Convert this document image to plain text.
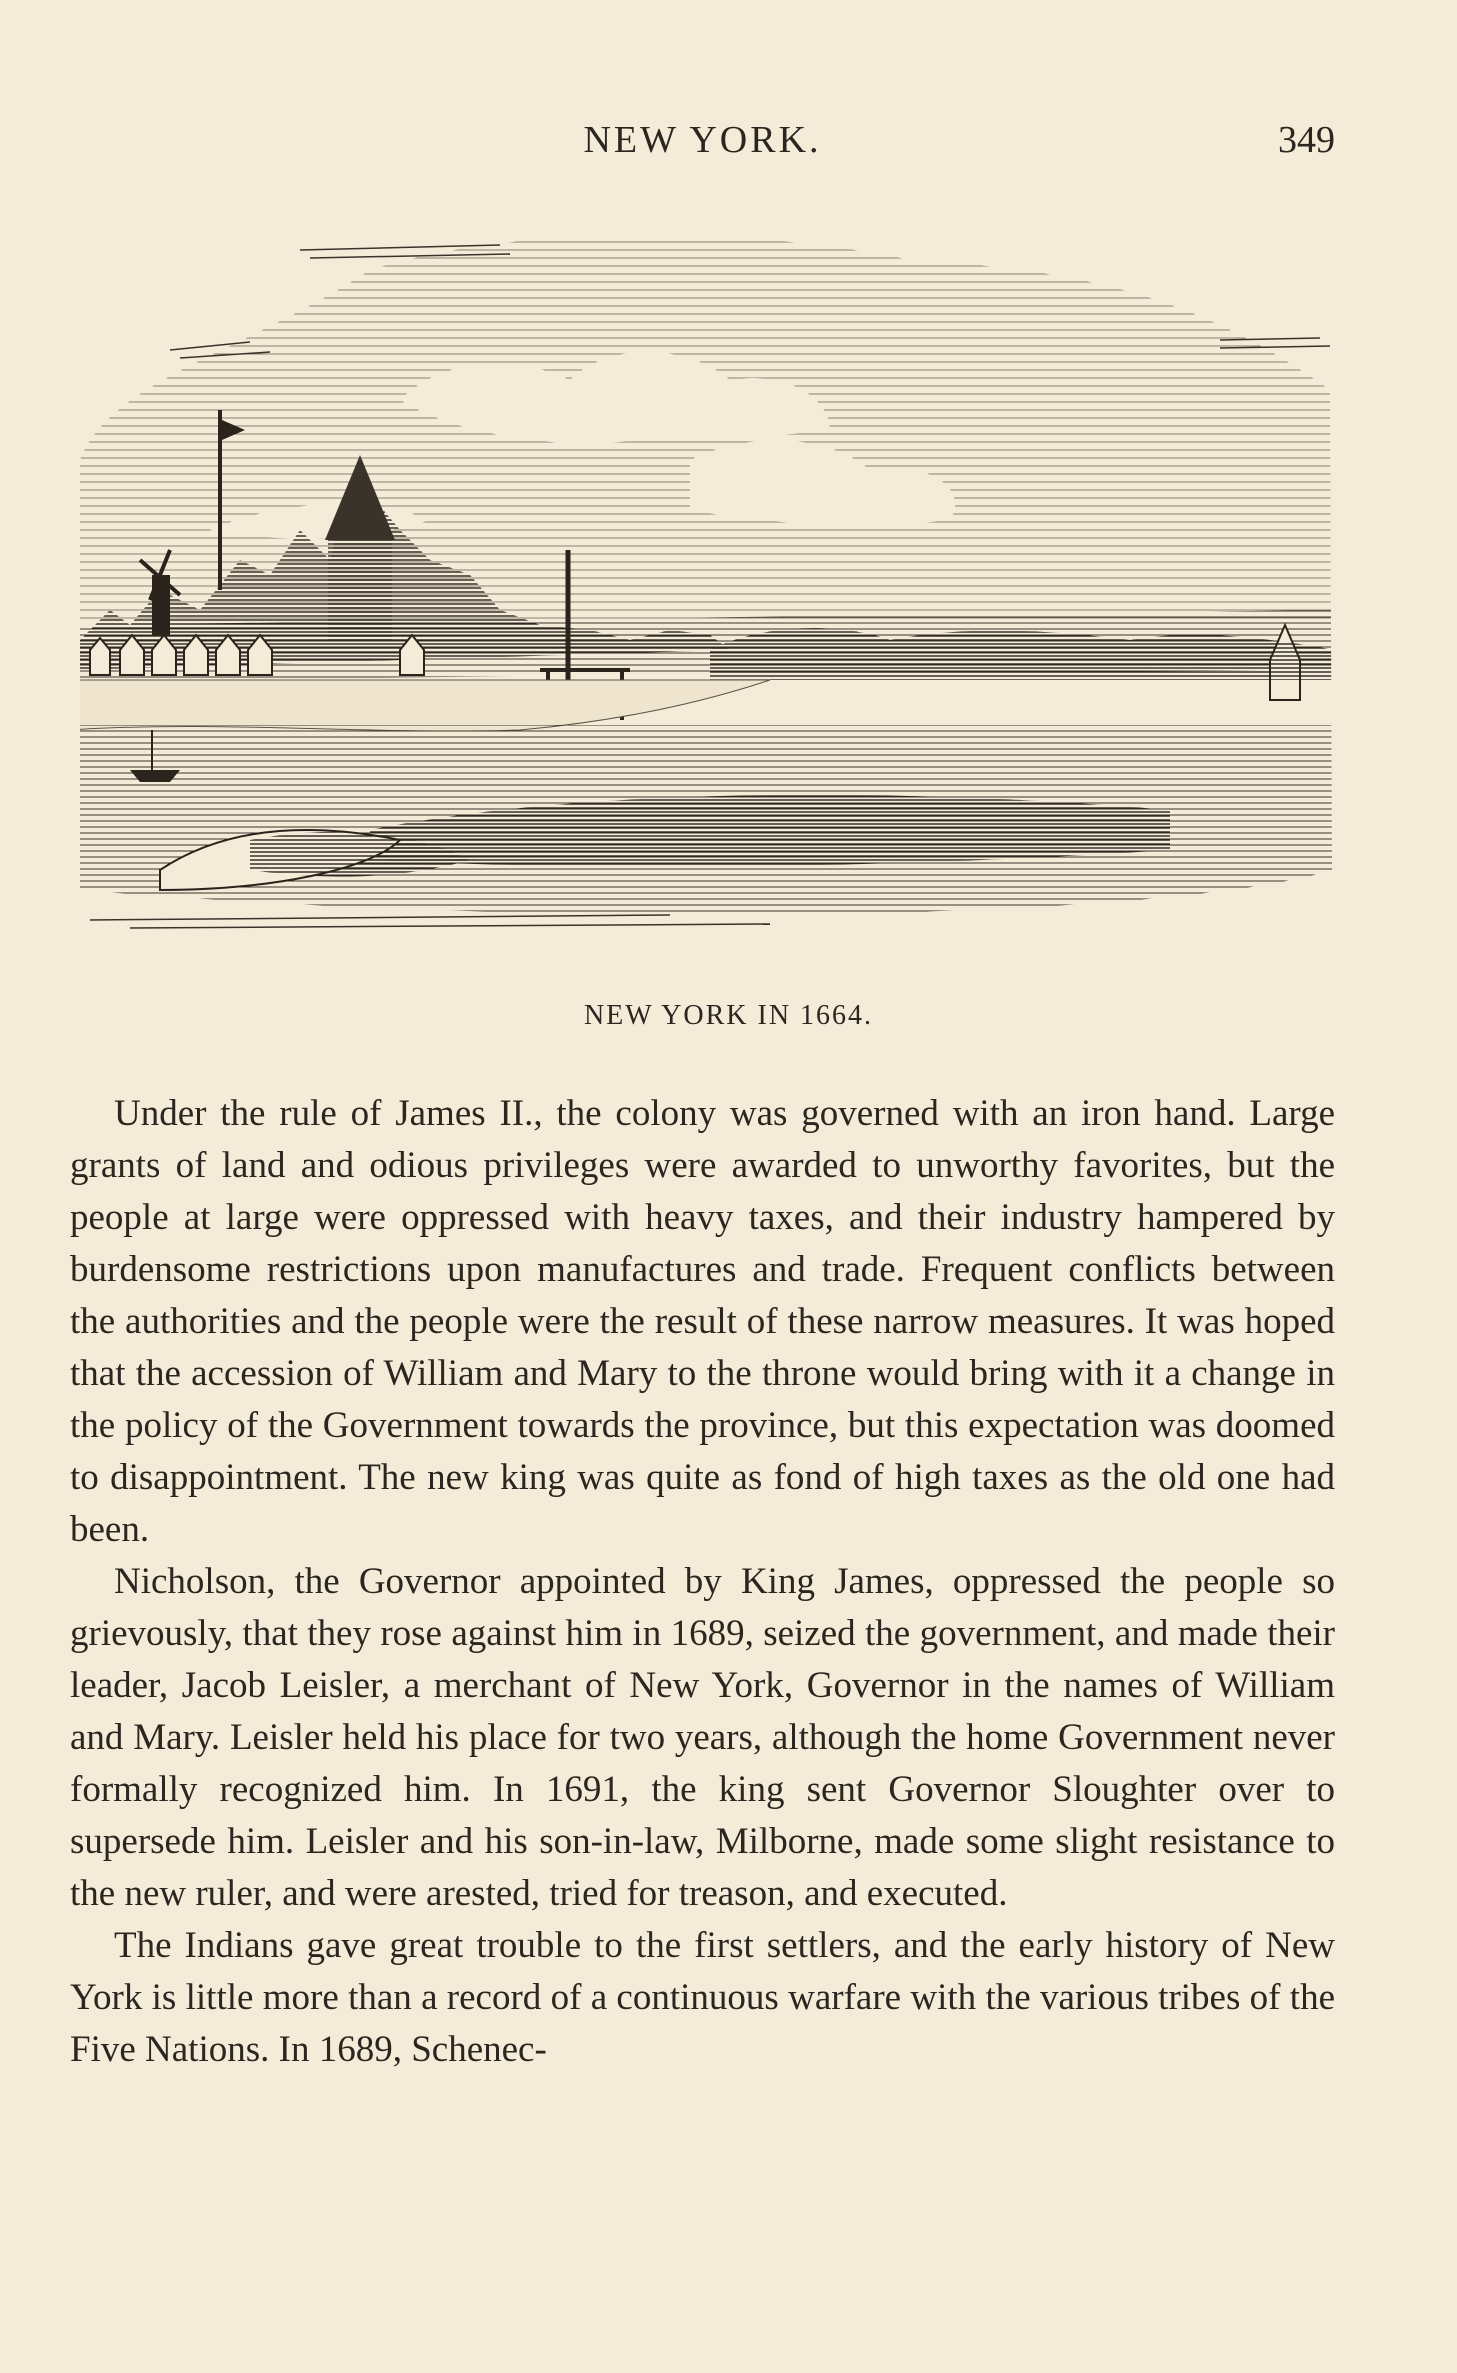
NEW YORK.	349
NEW YORK IN 1664.

Under the rule of James II., the colony was governed with an iron hand. Large grants of land and odious privileges were awarded to unworthy favorites, but the people at large were oppressed with heavy taxes, and their industry hampered by burdensome restrictions upon manufactures and trade. Frequent conflicts between the authorities and the people were the result of these narrow measures. It was hoped that the accession of William and Mary to the throne would bring with it a change in the policy of the Government towards the province, but this expectation was doomed to disappointment. The new king was quite as fond of high taxes as the old one had been.

Nicholson, the Governor appointed by King James, oppressed the people so grievously, that they rose against him in 1689, seized the government, and made their leader, Jacob Leisler, a merchant of New York, Governor in the names of William and Mary. Leisler held his place for two years, although the home Government never formally recognized him. In 1691, the king sent Governor Sloughter over to supersede him. Leisler and his son-in-law, Milborne, made some slight resistance to the new ruler, and were arested, tried for treason, and executed.

The Indians gave great trouble to the first settlers, and the early history of New York is little more than a record of a continuous warfare with the various tribes of the Five Nations. In 1689, Schenec-
